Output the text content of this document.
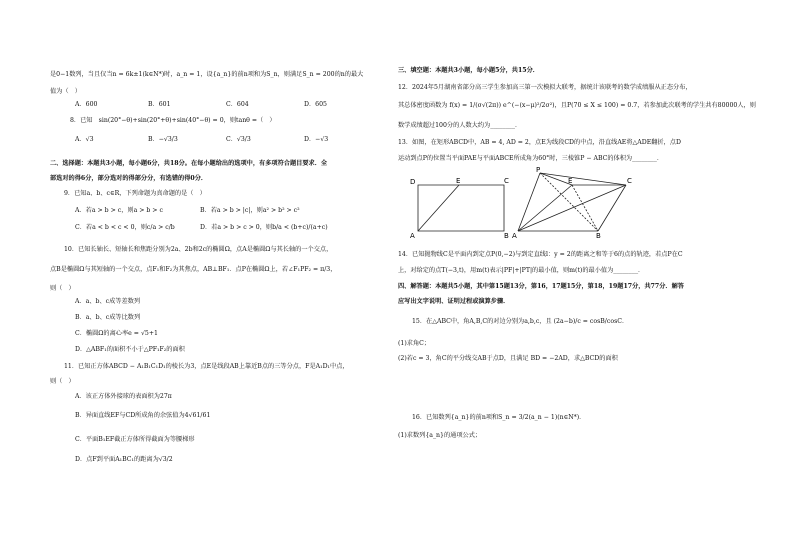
是0−1数列，当且仅当n = 6k±1(k∈N*)时，a_n = 1，设{a_n}的前n项和为S_n，则满足S_n = 200的n的最大
值为（　）
A．600	B．601	C．604	D．605
8．已知　sin(20°−θ)+sin(20°+θ)+sin(40°−θ) = 0，则tanθ =（　）
A．√3	B．−√3/3	C．√3/3	D．−√3
二、选择题：本题共3小题，每小题6分，共18分。在每小题给出的选项中，有多项符合题目要求．全
部选对的得6分，部分选对的得部分分，有选错的得0分．
9．已知a、b、c∈R，下列命题为真命题的是（　）
A．若a > b > c，则a > b > c	B．若a > b > |c|，则a² > b² > c²
C．若a < b < c < 0，则c/a > c/b	D．若a > b > c > 0，则b/a < (b+c)/(a+c)
10．已知长轴长、短轴长和焦距分别为2a、2b和2c的椭圆Ω，点A是椭圆Ω与其长轴的一个交点，
点B是椭圆Ω与其短轴的一个交点，点F₁和F₂为其焦点，AB⊥BF₁．点P在椭圆Ω上，若∠F₁PF₂ = π/3，
则（　）
A．a、b、c成等差数列
B．a、b、c成等比数列
C．椭圆Ω的离心率e = √5+1
D．△ABF₁的面积不小于△PF₁F₂的面积
11．已知正方体ABCD − A₁B₁C₁D₁的棱长为3，点E是线段AB上靠近B点的三等分点，F是A₁D₁中点，
则（　）
A．该正方体外接球的表面积为27π
B．异面直线EF与CD所成角的余弦值为4√61/61
C．平面B₁EF截正方体所得截面为等腰梯形
D．点F到平面A₁BC₁的距离为√3/2
三、填空题：本题共3小题，每小题5分，共15分．
12．2024年5月湖南省部分高三学生参加高三第一次模拟大联考，据统计该联考的数学成绩服从正态分布，
其总体密度函数为 f(x) = 1/(σ√(2π)) e^(−(x−μ)²/2σ²)，且P(70 ≤ X ≤ 100) = 0.7，若参加此次联考的学生共有80000人，则
数学成绩超过100分的人数大约为________．
13．如图，在矩形ABCD中，AB = 4, AD = 2，点E为线段CD的中点，沿直线AE将△ADE翻折，点D
运动到点P的位置当平面PAE与平面ABCE所成角为60°时，三棱锥P − ABC的体积为________．
D	E	C
A	B
P
E	C
A	B
14．已知抛物线C是平面内到定点P(0,−2)与到定直线l：y = 2的距离之和等于6的点的轨迹，若点P在C
上，对给定的点T(−3,t)，用m(t)表示|PF|+|PT|的最小值，则m(t)的最小值为________．
四、解答题：本题共5小题，其中第15题13分，第16，17题15分，第18，19题17分，共77分．解答
应写出文字说明、证明过程或演算步骤．
15．在△ABC中，角A,B,C的对边分别为a,b,c，且 (2a−b)/c = cosB/cosC．
(1)求角C；
(2)若c = 3，角C的平分线交AB于点D，且满足 BD = −2AD，求△BCD的面积
16．已知数列{a_n}的前n项和S_n = 3/2(a_n − 1)(n∈N*)．
(1)求数列{a_n}的通项公式；
